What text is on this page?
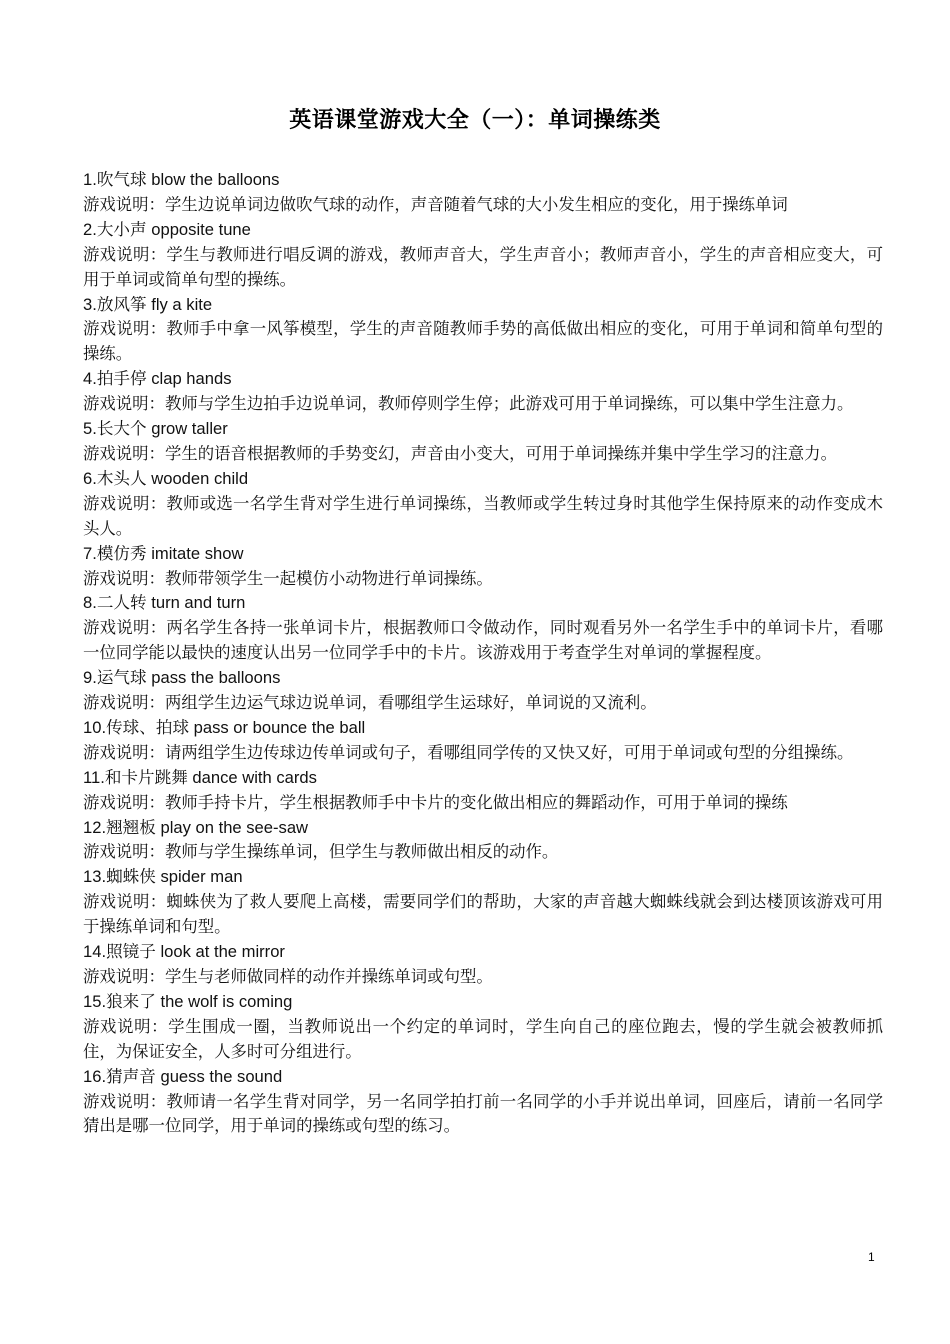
英语课堂游戏大全（一）：单词操练类

1.吹气球 blow the balloons

游戏说明：学生边说单词边做吹气球的动作，声音随着气球的大小发生相应的变化，用于操练单词

2.大小声 opposite tune

游戏说明：学生与教师进行唱反调的游戏，教师声音大，学生声音小；教师声音小，学生的声音相应变大，可用于单词或简单句型的操练。

3.放风筝 fly a kite

游戏说明：教师手中拿一风筝模型，学生的声音随教师手势的高低做出相应的变化，可用于单词和简单句型的操练。

4.拍手停 clap hands

游戏说明：教师与学生边拍手边说单词，教师停则学生停；此游戏可用于单词操练，可以集中学生注意力。

5.长大个 grow taller

游戏说明：学生的语音根据教师的手势变幻，声音由小变大，可用于单词操练并集中学生学习的注意力。

6.木头人 wooden child

游戏说明：教师或选一名学生背对学生进行单词操练，当教师或学生转过身时其他学生保持原来的动作变成木头人。

7.模仿秀 imitate show

游戏说明：教师带领学生一起模仿小动物进行单词操练。

8.二人转 turn and turn

游戏说明：两名学生各持一张单词卡片，根据教师口令做动作，同时观看另外一名学生手中的单词卡片，看哪一位同学能以最快的速度认出另一位同学手中的卡片。该游戏用于考查学生对单词的掌握程度。

9.运气球 pass the balloons

游戏说明：两组学生边运气球边说单词，看哪组学生运球好，单词说的又流利。

10.传球、拍球 pass or bounce the ball

游戏说明：请两组学生边传球边传单词或句子，看哪组同学传的又快又好，可用于单词或句型的分组操练。

11.和卡片跳舞 dance with cards

游戏说明：教师手持卡片，学生根据教师手中卡片的变化做出相应的舞蹈动作，可用于单词的操练

12.翘翘板 play on the see-saw

游戏说明：教师与学生操练单词，但学生与教师做出相反的动作。

13.蜘蛛侠 spider man

游戏说明：蜘蛛侠为了救人要爬上高楼，需要同学们的帮助，大家的声音越大蜘蛛线就会到达楼顶该游戏可用于操练单词和句型。

14.照镜子 look at the mirror

游戏说明：学生与老师做同样的动作并操练单词或句型。

15.狼来了 the wolf is coming

游戏说明：学生围成一圈，当教师说出一个约定的单词时，学生向自己的座位跑去，慢的学生就会被教师抓住，为保证安全，人多时可分组进行。

16.猜声音 guess the sound

游戏说明：教师请一名学生背对同学，另一名同学拍打前一名同学的小手并说出单词，回座后，请前一名同学猜出是哪一位同学，用于单词的操练或句型的练习。

1
